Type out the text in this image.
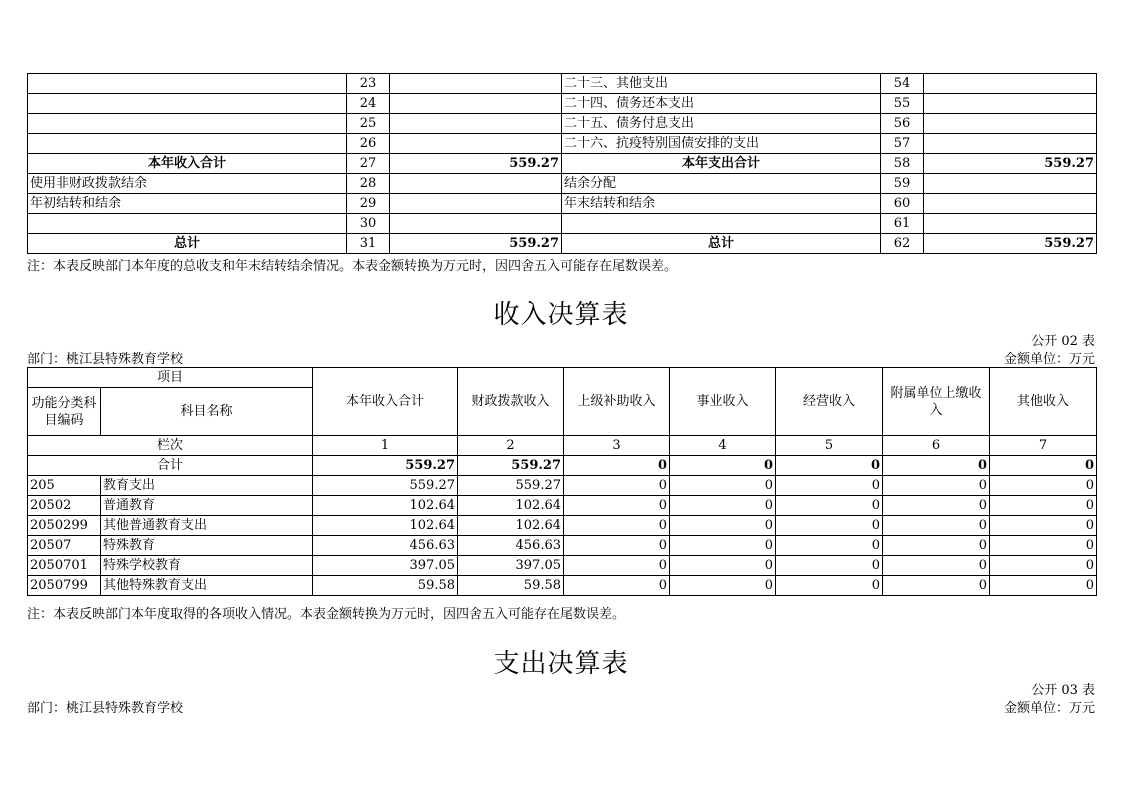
	23		二十三、其他支出	54	
	24		二十四、债务还本支出	55	
	25		二十五、债务付息支出	56	
	26		二十六、抗疫特别国债安排的支出	57	
本年收入合计	27	559.27	本年支出合计	58	559.27
使用非财政拨款结余	28		结余分配	59	
年初结转和结余	29		年末结转和结余	60	
	30			61	
总计	31	559.27	总计	62	559.27
注：本表反映部门本年度的总收支和年末结转结余情况。本表金额转换为万元时，因四舍五入可能存在尾数误差。
收入决算表
公开 02 表
部门：桃江县特殊教育学校	金额单位：万元
项目		本年收入合计	财政拨款收入	上级补助收入	事业收入	经营收入	附属单位上缴收入	其他收入
功能分类科目编码	科目名称							
栏次		1	2	3	4	5	6	7
合计		559.27	559.27	0	0	0	0	0
205	教育支出	559.27	559.27	0	0	0	0	0
20502	普通教育	102.64	102.64	0	0	0	0	0
2050299	其他普通教育支出	102.64	102.64	0	0	0	0	0
20507	特殊教育	456.63	456.63	0	0	0	0	0
2050701	特殊学校教育	397.05	397.05	0	0	0	0	0
2050799	其他特殊教育支出	59.58	59.58	0	0	0	0	0
注：本表反映部门本年度取得的各项收入情况。本表金额转换为万元时，因四舍五入可能存在尾数误差。
支出决算表
公开 03 表
部门：桃江县特殊教育学校	金额单位：万元
